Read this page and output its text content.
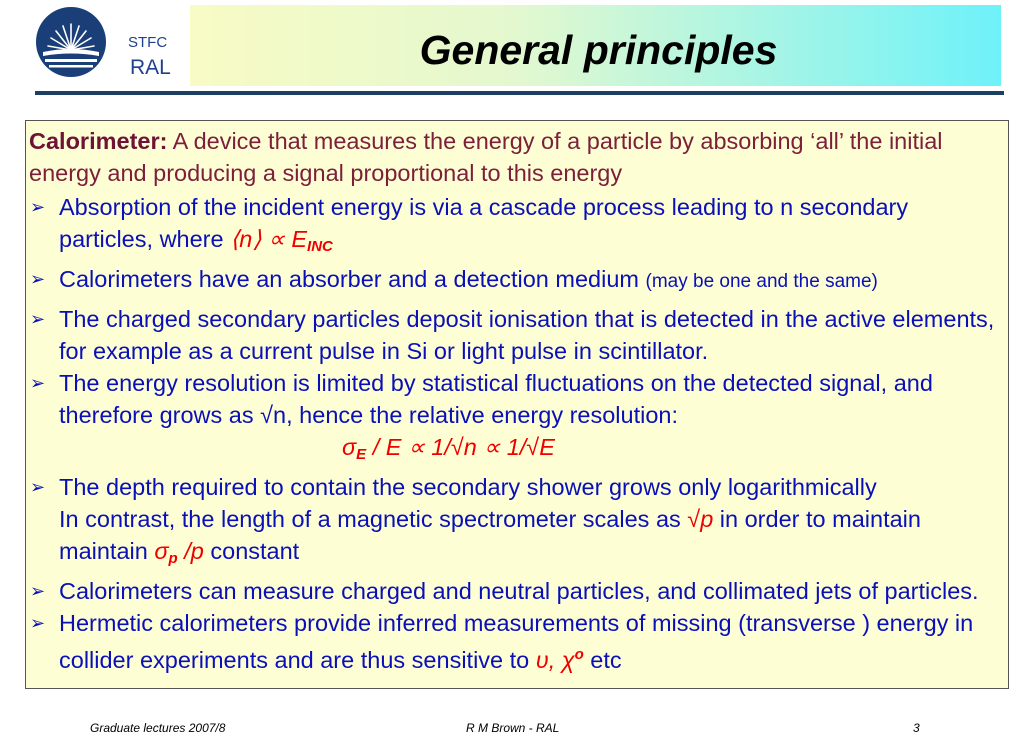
STFC
RAL	General principles
Calorimeter: A device that measures the energy of a particle by absorbing ‘all’ the initial energy and producing a signal proportional to this energy
➢ Absorption of the incident energy is via a cascade process leading to n secondary particles, where ⟨n⟩ ∝ $E_{INC}$
➢ Calorimeters have an absorber and a detection medium (may be one and the same)
➢ The charged secondary particles deposit ionisation that is detected in the active elements, for example as a current pulse in Si or light pulse in scintillator.
➢ The energy resolution is limited by statistical fluctuations on the detected signal, and therefore grows as √n, hence the relative energy resolution:
$\sigma_E / E \propto 1/√n \propto 1/√E$
➢ The depth required to contain the secondary shower grows only logarithmically
In contrast, the length of a magnetic spectrometer scales as √p in order to maintain
maintain $\sigma_p$ /p constant
➢ Calorimeters can measure charged and neutral particles, and collimated jets of particles.
➢ Hermetic calorimeters provide inferred measurements of missing (transverse ) energy in collider experiments and are thus sensitive to υ, $\chi^o$ etc
Graduate lectures 2007/8	R M Brown - RAL	3
